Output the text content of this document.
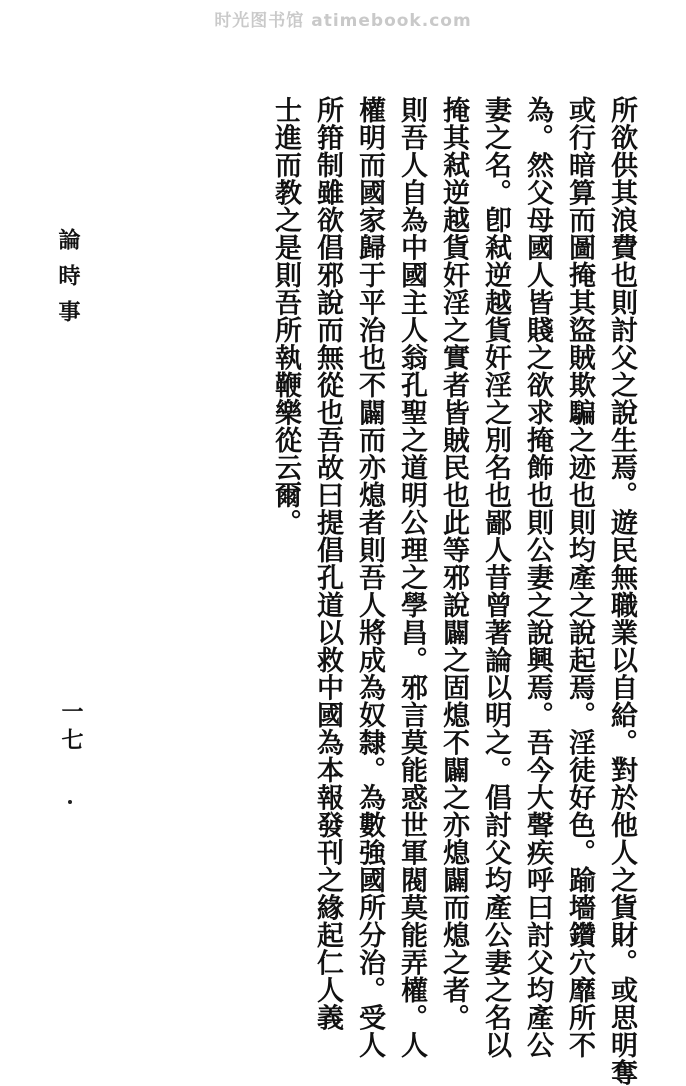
时光图书馆 atimebook.com
所欲供其浪費也則討父之說生焉。遊民無職業以自給。對於他人之貨財。或思明奪
或行暗算而圖掩其盜賊欺騙之迹也則均產之說起焉。淫徒好色。踰墻鑽穴靡所不
為。然父母國人皆賤之欲求掩飾也則公妻之說興焉。吾今大聲疾呼曰討父均產公
妻之名。卽弒逆越貨奸淫之別名也鄙人昔曾著論以明之。倡討父均產公妻之名以
掩其弒逆越貨奸淫之實者皆賊民也此等邪說闢之固熄不闢之亦熄闢而熄之者。
則吾人自為中國主人翁孔聖之道明公理之學昌。邪言莫能惑世軍閥莫能弄權。人
權明而國家歸于平治也不闢而亦熄者則吾人將成為奴隸。為數強國所分治。受人
所箝制雖欲倡邪說而無從也吾故曰提倡孔道以救中國為本報發刊之緣起仁人義
士進而教之是則吾所執鞭樂從云爾。
論時事
一七
